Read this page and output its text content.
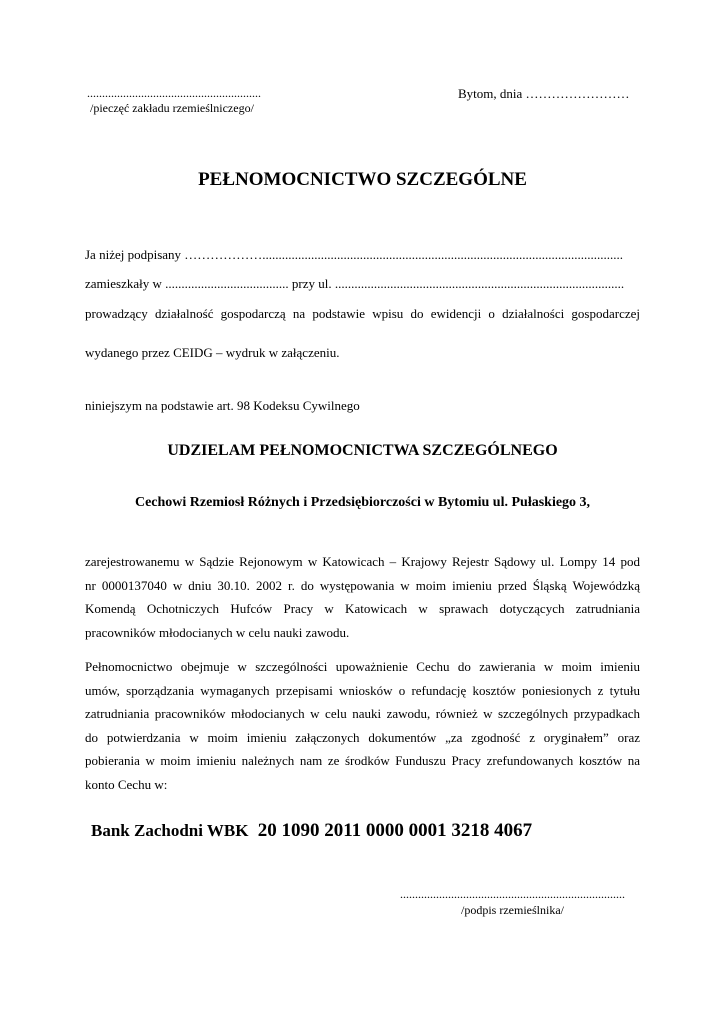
..........................................................
/pieczęć zakładu rzemieślniczego/
Bytom, dnia ……………………
PEŁNOMOCNICTWO SZCZEGÓLNE
Ja niżej podpisany ………………...............................................................................................................
zamieszkały w ...................................... przy ul. .........................................................................................
prowadzący działalność gospodarczą na podstawie wpisu do ewidencji o działalności gospodarczej
wydanego przez CEIDG – wydruk w załączeniu.
niniejszym na podstawie art. 98 Kodeksu Cywilnego
UDZIELAM PEŁNOMOCNICTWA SZCZEGÓLNEGO
Cechowi Rzemiosł Różnych i Przedsiębiorczości w Bytomiu ul. Pułaskiego 3,
zarejestrowanemu w Sądzie Rejonowym w Katowicach – Krajowy Rejestr Sądowy ul. Lompy 14 pod
nr 0000137040 w dniu 30.10. 2002 r. do występowania w moim imieniu przed Śląską Wojewódzką
Komendą Ochotniczych Hufców Pracy w Katowicach w sprawach dotyczących zatrudniania
pracowników młodocianych w celu nauki zawodu.
Pełnomocnictwo obejmuje w szczególności upoważnienie Cechu do zawierania w moim imieniu
umów, sporządzania wymaganych przepisami wniosków o refundację kosztów poniesionych z tytułu
zatrudniania pracowników młodocianych w celu nauki zawodu, również w szczególnych przypadkach
do potwierdzania w moim imieniu załączonych dokumentów „za zgodność z oryginałem” oraz
pobierania w moim imieniu należnych nam ze środków Funduszu Pracy zrefundowanych kosztów na
konto Cechu w:
Bank Zachodni WBK 20 1090 2011 0000 0001 3218 4067
...........................................................................
/podpis rzemieślnika/
